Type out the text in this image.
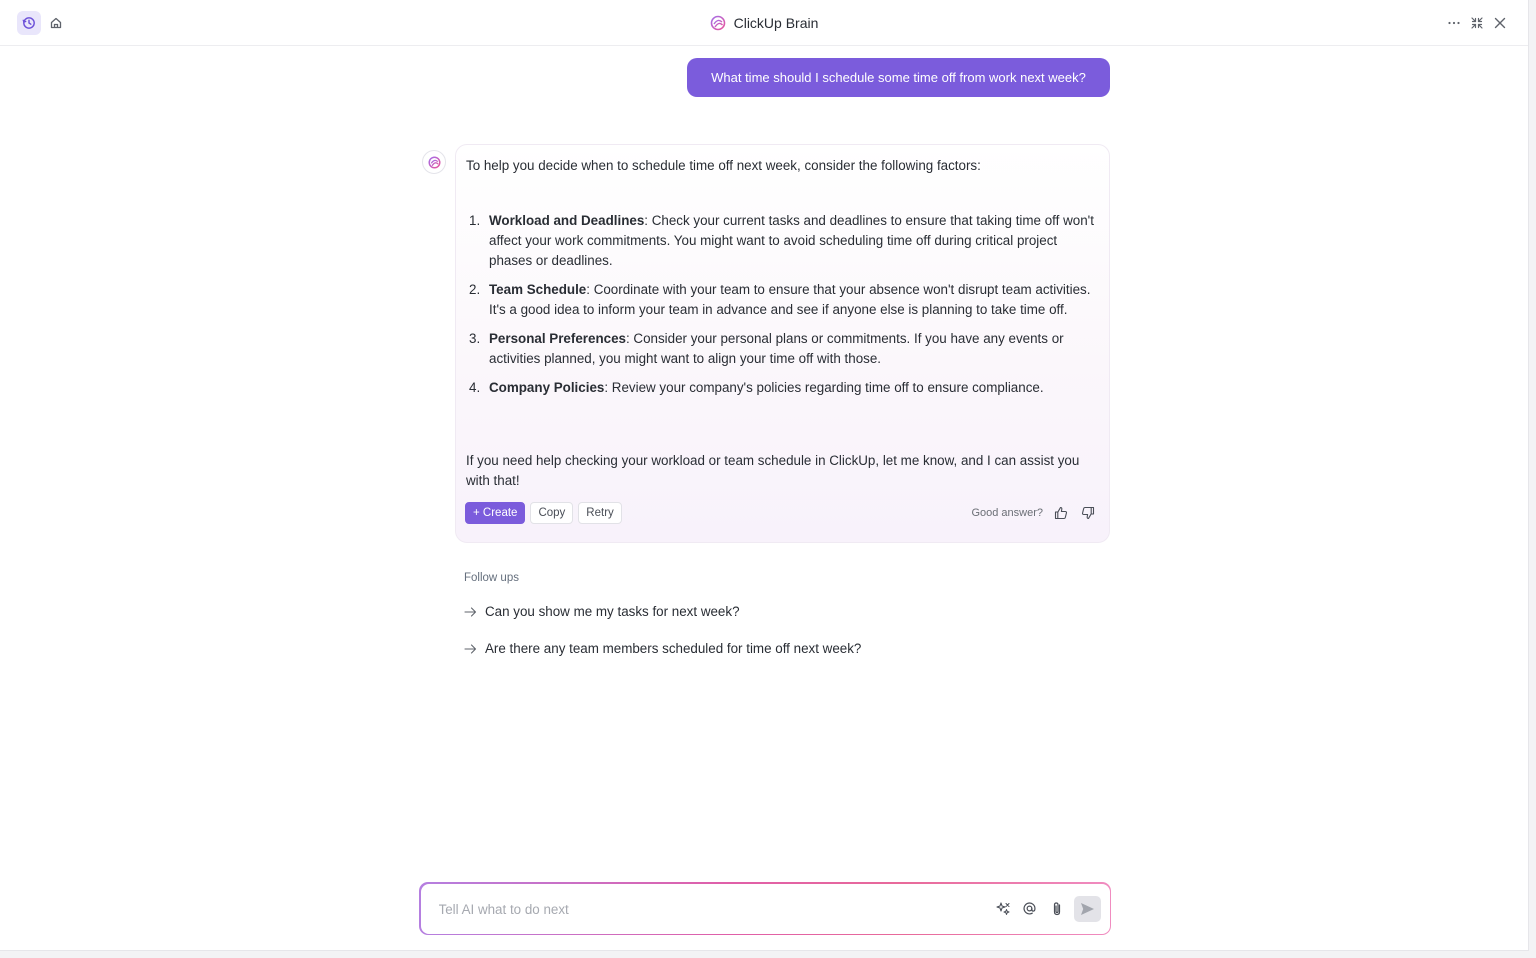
ClickUp Brain
What time should I schedule some time off from work next week?
To help you decide when to schedule time off next week, consider the following factors:
1. Workload and Deadlines: Check your current tasks and deadlines to ensure that taking time off won't affect your work commitments. You might want to avoid scheduling time off during critical project phases or deadlines.
2. Team Schedule: Coordinate with your team to ensure that your absence won't disrupt team activities. It's a good idea to inform your team in advance and see if anyone else is planning to take time off.
3. Personal Preferences: Consider your personal plans or commitments. If you have any events or activities planned, you might want to align your time off with those.
4. Company Policies: Review your company's policies regarding time off to ensure compliance.
If you need help checking your workload or team schedule in ClickUp, let me know, and I can assist you with that!
+ Create	Copy	Retry	Good answer?
Follow ups
Can you show me my tasks for next week?
Are there any team members scheduled for time off next week?
Tell AI what to do next
